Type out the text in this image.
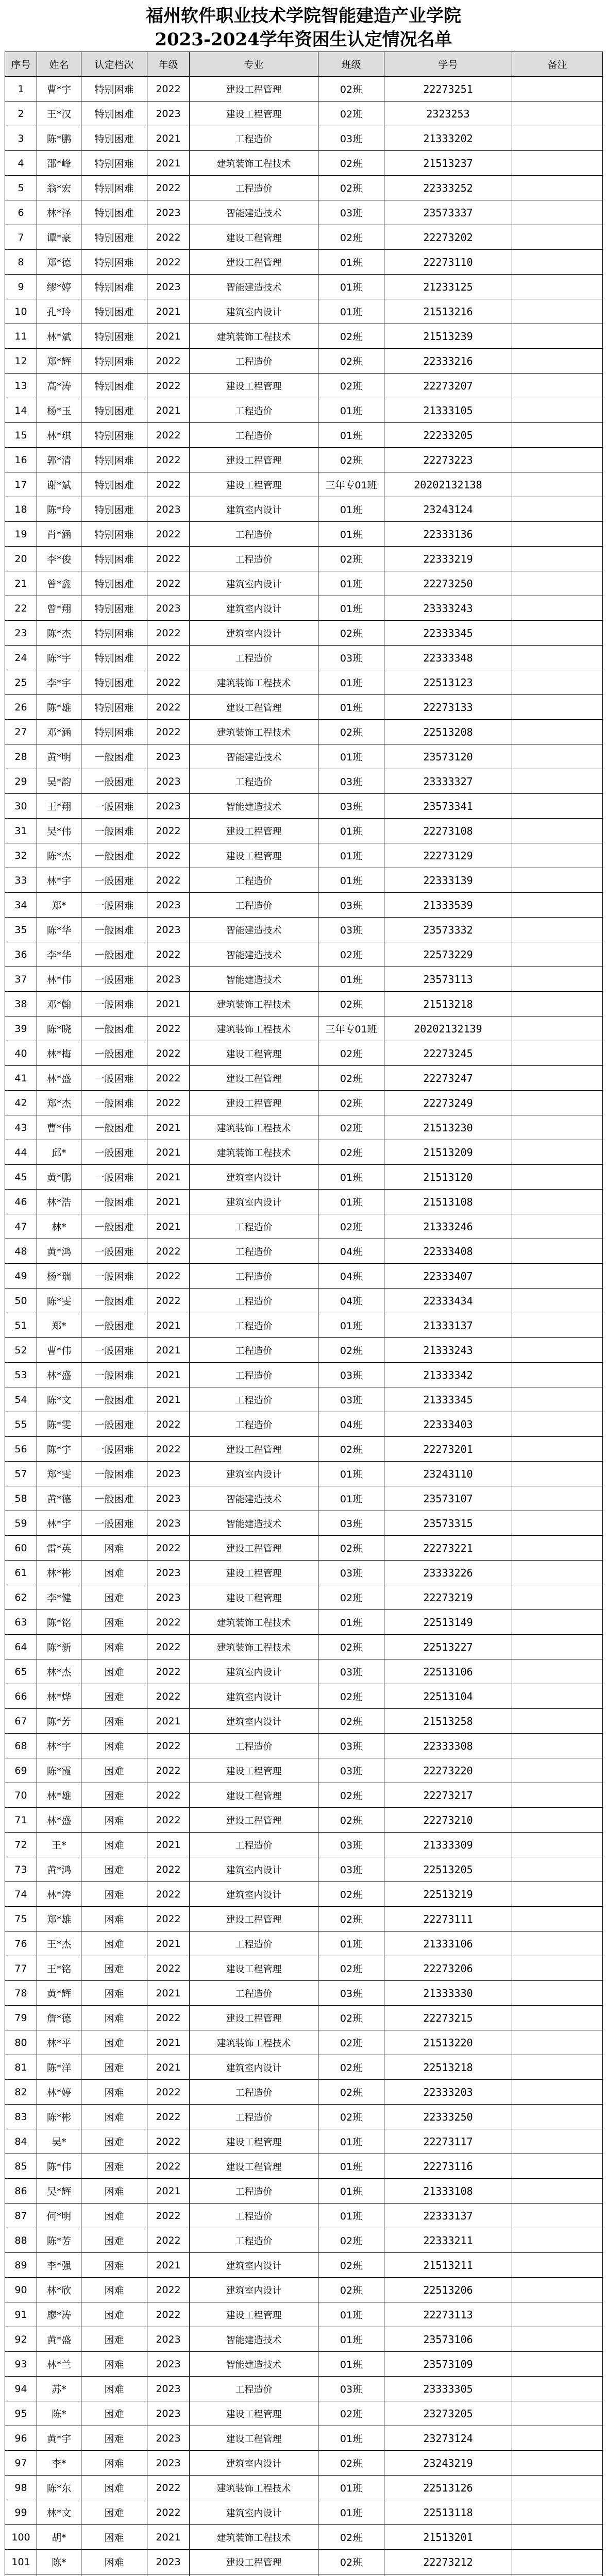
福州软件职业技术学院智能建造产业学院
2023-2024学年资困生认定情况名单
序号	姓名	认定档次	年级	专业	班级	学号	备注
1	曹*宇	特别困难	2022	建设工程管理	02班	22273251	
2	王*汉	特别困难	2023	建设工程管理	02班	2323253	
3	陈*鹏	特别困难	2021	工程造价	03班	21333202	
4	邵*峰	特别困难	2021	建筑装饰工程技术	02班	21513237	
5	翁*宏	特别困难	2022	工程造价	02班	22333252	
6	林*泽	特别困难	2023	智能建造技术	03班	23573337	
7	谭*豪	特别困难	2022	建设工程管理	02班	22273202	
8	郑*德	特别困难	2022	建设工程管理	01班	22273110	
9	缪*婷	特别困难	2023	智能建造技术	01班	21233125	
10	孔*玲	特别困难	2021	建筑室内设计	01班	21513216	
11	林*斌	特别困难	2021	建筑装饰工程技术	02班	21513239	
12	郑*辉	特别困难	2022	工程造价	02班	22333216	
13	高*涛	特别困难	2022	建设工程管理	02班	22273207	
14	杨*玉	特别困难	2021	工程造价	01班	21333105	
15	林*琪	特别困难	2022	工程造价	01班	22233205	
16	郭*清	特别困难	2022	建设工程管理	02班	22273223	
17	谢*斌	特别困难	2022	建设工程管理	三年专01班	20202132138	
18	陈*玲	特别困难	2023	建筑室内设计	01班	23243124	
19	肖*涵	特别困难	2022	工程造价	01班	22333136	
20	李*俊	特别困难	2022	工程造价	02班	22333219	
21	曾*鑫	特别困难	2022	建筑室内设计	01班	22273250	
22	曾*翔	特别困难	2023	建筑室内设计	01班	23333243	
23	陈*杰	特别困难	2022	建筑室内设计	02班	22333345	
24	陈*宇	特别困难	2022	工程造价	03班	22333348	
25	李*宇	特别困难	2022	建筑装饰工程技术	01班	22513123	
26	陈*雄	特别困难	2022	建设工程管理	01班	22273133	
27	邓*涵	特别困难	2022	建筑装饰工程技术	02班	22513208	
28	黄*明	一般困难	2023	智能建造技术	01班	23573120	
29	吴*韵	一般困难	2023	工程造价	03班	23333327	
30	王*翔	一般困难	2023	智能建造技术	03班	23573341	
31	吴*伟	一般困难	2022	建设工程管理	01班	22273108	
32	陈*杰	一般困难	2022	建设工程管理	01班	22273129	
33	林*宇	一般困难	2022	工程造价	01班	22333139	
34	郑*	一般困难	2023	工程造价	03班	21333539	
35	陈*华	一般困难	2023	智能建造技术	03班	23573332	
36	李*华	一般困难	2022	智能建造技术	02班	22573229	
37	林*伟	一般困难	2023	智能建造技术	01班	23573113	
38	邓*翰	一般困难	2021	建筑装饰工程技术	02班	21513218	
39	陈*晓	一般困难	2022	建筑装饰工程技术	三年专01班	20202132139	
40	林*梅	一般困难	2022	建设工程管理	02班	22273245	
41	林*盛	一般困难	2022	建设工程管理	02班	22273247	
42	郑*杰	一般困难	2022	建设工程管理	02班	22273249	
43	曹*伟	一般困难	2021	建筑装饰工程技术	02班	21513230	
44	邱*	一般困难	2021	建筑装饰工程技术	02班	21513209	
45	黄*鹏	一般困难	2021	建筑室内设计	01班	21513120	
46	林*浩	一般困难	2021	建筑室内设计	01班	21513108	
47	林*	一般困难	2021	工程造价	02班	21333246	
48	黄*鸿	一般困难	2022	工程造价	04班	22333408	
49	杨*瑞	一般困难	2022	工程造价	04班	22333407	
50	陈*雯	一般困难	2022	工程造价	04班	22333434	
51	郑*	一般困难	2021	工程造价	01班	21333137	
52	曹*伟	一般困难	2021	工程造价	02班	21333243	
53	林*盛	一般困难	2021	工程造价	03班	21333342	
54	陈*文	一般困难	2021	工程造价	03班	21333345	
55	陈*雯	一般困难	2022	工程造价	04班	22333403	
56	陈*宇	一般困难	2022	建设工程管理	02班	22273201	
57	郑*雯	一般困难	2023	建筑室内设计	01班	23243110	
58	黄*德	一般困难	2023	智能建造技术	01班	23573107	
59	林*宇	一般困难	2023	智能建造技术	03班	23573315	
60	雷*英	困难	2022	建设工程管理	02班	22273221	
61	林*彬	困难	2023	建设工程管理	03班	23333226	
62	李*健	困难	2023	建设工程管理	02班	22273219	
63	陈*铭	困难	2022	建筑装饰工程技术	01班	22513149	
64	陈*新	困难	2022	建筑装饰工程技术	02班	22513227	
65	林*杰	困难	2022	建筑室内设计	03班	22513106	
66	林*烨	困难	2022	建筑室内设计	02班	22513104	
67	陈*芳	困难	2021	建筑室内设计	02班	21513258	
68	林*宇	困难	2022	工程造价	03班	22333308	
69	陈*霞	困难	2022	建设工程管理	03班	22273220	
70	林*雄	困难	2022	建设工程管理	02班	22273217	
71	林*盛	困难	2022	建设工程管理	02班	22273210	
72	王*	困难	2021	工程造价	03班	21333309	
73	黄*鸿	困难	2022	建筑室内设计	03班	22513205	
74	林*涛	困难	2022	建筑室内设计	02班	22513219	
75	郑*雄	困难	2022	建设工程管理	02班	22273111	
76	王*杰	困难	2021	工程造价	01班	21333106	
77	王*铭	困难	2022	建设工程管理	02班	22273206	
78	黄*辉	困难	2021	工程造价	03班	21333330	
79	詹*德	困难	2022	建设工程管理	02班	22273215	
80	林*平	困难	2021	建筑装饰工程技术	02班	21513220	
81	陈*洋	困难	2021	建筑室内设计	02班	22513218	
82	林*婷	困难	2022	工程造价	02班	22333203	
83	陈*彬	困难	2022	工程造价	02班	22333250	
84	吴*	困难	2022	建设工程管理	01班	22273117	
85	陈*伟	困难	2022	建设工程管理	01班	22273116	
86	吴*辉	困难	2021	工程造价	01班	21333108	
87	何*明	困难	2022	工程造价	01班	22333137	
88	陈*芳	困难	2022	工程造价	02班	22333211	
89	李*强	困难	2021	建筑室内设计	02班	21513211	
90	林*欣	困难	2022	建筑室内设计	02班	22513206	
91	廖*涛	困难	2022	建设工程管理	01班	22273113	
92	黄*盛	困难	2023	智能建造技术	01班	23573106	
93	林*兰	困难	2023	智能建造技术	01班	23573109	
94	苏*	困难	2023	工程造价	03班	23333305	
95	陈*	困难	2023	建设工程管理	02班	23273205	
96	黄*宇	困难	2023	建设工程管理	01班	23273124	
97	李*	困难	2023	建筑室内设计	02班	23243219	
98	陈*东	困难	2022	建筑装饰工程技术	01班	22513126	
99	林*文	困难	2022	建筑室内设计	01班	22513118	
100	胡*	困难	2021	建筑装饰工程技术	02班	21513201	
101	陈*	困难	2023	建设工程管理	02班	22273212	
